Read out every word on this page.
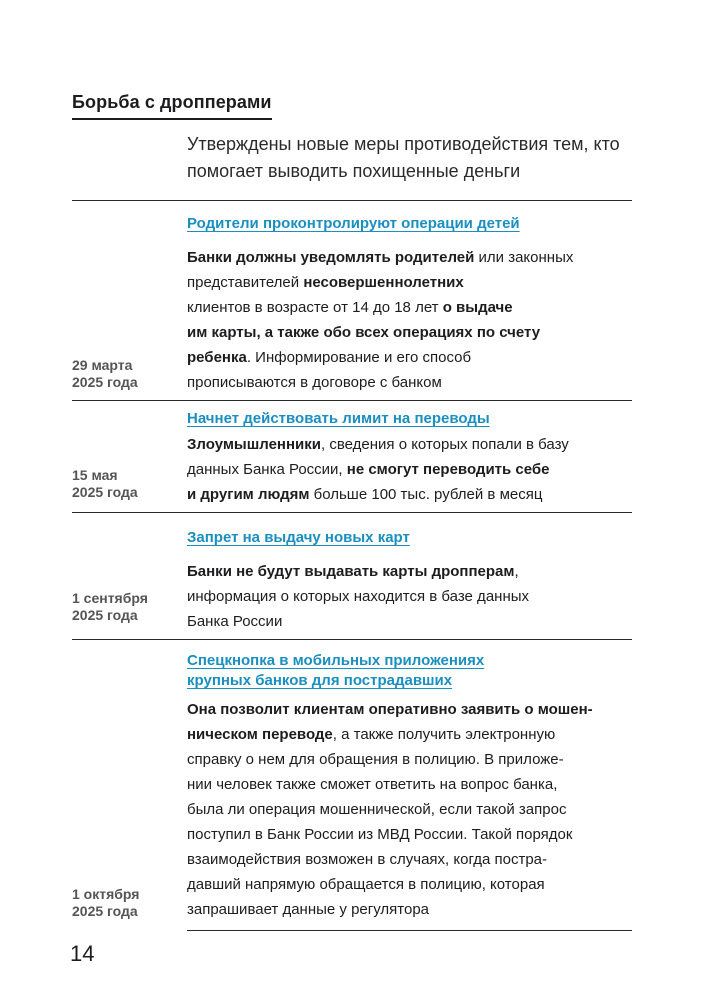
Борьба с дропперами
Утверждены новые меры противодействия тем, кто помогает выводить похищенные деньги
29 марта
2025 года
Родители проконтролируют операции детей
Банки должны уведомлять родителей или законных представителей несовершеннолетних
клиентов в возрасте от 14 до 18 лет о выдаче
им карты, а также обо всех операциях по счету
ребенка. Информирование и его способ
прописываются в договоре с банком
15 мая
2025 года
Начнет действовать лимит на переводы
Злоумышленники, сведения о которых попали в базу
данных Банка России, не смогут переводить себе
и другим людям больше 100 тыс. рублей в месяц
1 сентября
2025 года
Запрет на выдачу новых карт
Банки не будут выдавать карты дропперам,
информация о которых находится в базе данных
Банка России
1 октября
2025 года
Спецкнопка в мобильных приложениях крупных банков для пострадавших
Она позволит клиентам оперативно заявить о мошен-
ническом переводе, а также получить электронную
справку о нем для обращения в полицию. В приложе-
нии человек также сможет ответить на вопрос банка,
была ли операция мошеннической, если такой запрос
поступил в Банк России из МВД России. Такой порядок
взаимодействия возможен в случаях, когда постра-
давший напрямую обращается в полицию, которая
запрашивает данные у регулятора
14
